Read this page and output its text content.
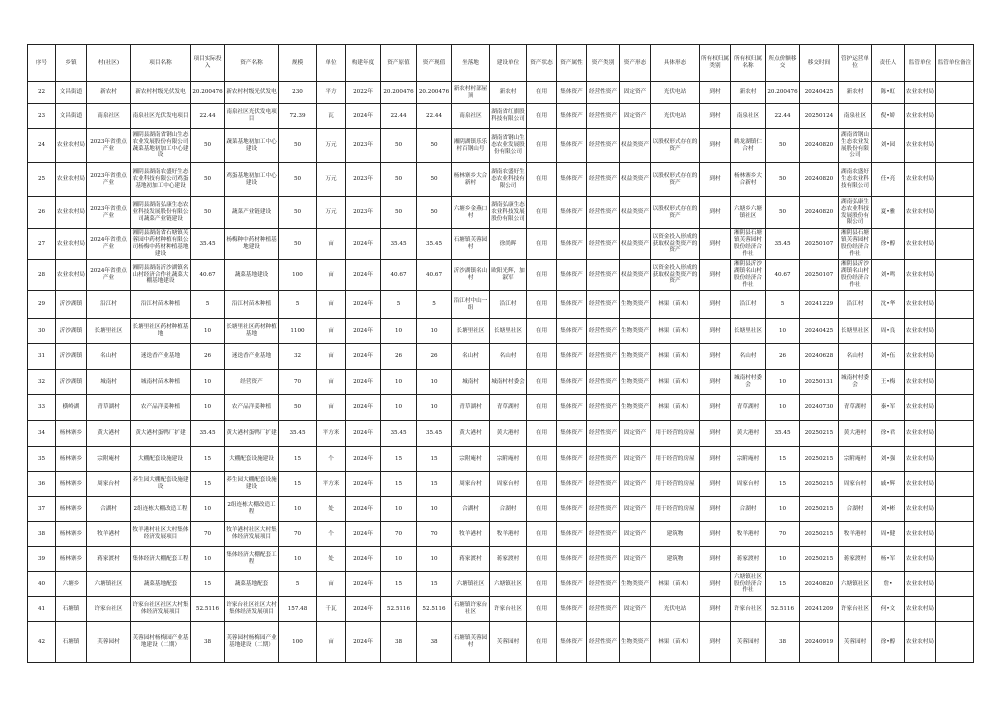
序号	乡镇	村(社区)	项目名称	项目实际投入	资产名称	规模	单位	构建年度	资产原值	资产现值	坐落地	建设单位	资产状态	资产属性	资产类别	资产形态	具体形态	所有权归属类别	所有权归属名称	所点价额移交	移交时间	管护运营单位	责任人	监管单位	监管单位备注
22	文昌街道	新农村	新农村村级光伏发电	20.200476	新农村村级光伏发电	230	平方	2022年	20.200476	20.200476	新农村村部屋顶	新农村	在用	集体资产	经营性资产	固定资产	光伏电站	到村	新农村	20.200476	20240425	新农村	陈•虹	农业农村局	
23	文昌街道	南泉社区	南泉社区光伏发电项目	22.44	南泉社区光伏发电项目	72.39	瓦	2024年	22.44	22.44	南泉社区	湖南省红旗股科技有限公司	在用	集体资产	经营性资产	固定资产	光伏电站	到村	南泉社区	22.44	20250124	南泉社区	倪•娇	农业农村局	
24	农业农村局	2023年省重点产业	湘阴县湖南省钢山生态农业发展股份有限公司蔬菜基地初加工中心建设	50	蔬菜基地初加工中心建设	50	万元	2023年	50	50	湘阴湖镇乐乐村百钢山号	湖南省钢山生态农业发展股份有限公司	在用	集体资产	经营性资产	权益类资产	以股权形式存在的资产	到村	鹤龙湖镇仁合村	50	20240820	湖南省钢山生态农业发展股份有限公司	刘•园	农业农村局	
25	农业农村局	2023年省重点产业	湘阴县湖南农盛好生态农业科技有限公司鸡蛋基地初加工中心建设	50	鸡蛋基地初加工中心建设	50	万元	2023年	50	50	杨林寨乡大合新村	湖南农盛好生态农业科技有限公司	在用	集体资产	经营性资产	权益类资产	以股权形式存在的资产	到村	杨林寨乡大合新村	50	20240820	湖南农盛好生态农业科技有限公司	任•亮	农业农村局	
26	农业农村局	2023年省重点产业	湘阴县湖南弘康生态农业科技发展股份有限公司蔬菜产业链建设	50	蔬菜产业链建设	50	万元	2023年	50	50	六塘乡金燕口村	湖南弘康生态农业科技发展股份有限公司	在用	集体资产	经营性资产	权益类资产	以股权形式存在的资产	到村	六塘乡六塘镇社区	50	20240820	湖南弘康生态农业科技发展股份有限公司	夏•雅	农业农村局	
27	农业农村局	2024年省重点产业	湘阴县湖南省石塘镇芙蓉园中药材种植有限公司杨梅中药材种植基地建设	35.45	杨梅种中药材种植基地建设	50	亩	2024年	35.45	35.45	石塘镇芙蓉园村	徐尚晖	在用	集体资产	经营性资产	权益类资产	以资金投入形成的获取权益类资产的资产	到村	湘阴县石塘镇芙蓉园村股份经济合作社	35.45	20250107	湘阴县石塘镇芙蓉园村股份经济合作社	徐•醇	农业农村局	
28	农业农村局	2024年省重点产业	湘阴县湖南沂沙湖镇名山村经济合作社蔬菜大棚基地建设	40.67	蔬菜基地建设	100	亩	2024年	40.67	40.67	沂沙湖镇名山村	欧阳光辉，加淑军	在用	集体资产	经营性资产	权益类资产	以资金投入形成的获取权益类资产的资产	到村	湘阴县沂沙湖镇名山村股份经济合作社	40.67	20250107	湘阴县沂沙湖镇名山村股份经济合作社	刘•鸣	农业农村局	
29	沂沙湖镇	沿江村	沿江村苗木种植	5	沿江村苗木种植	5	亩	2024年	5	5	沿江村中山一组	沿江村	在用	集体资产	经营性资产	生物类资产	林果（苗木）	到村	沿江村	5	20241229	沿江村	沈•华	农业农村局	
30	沂沙湖镇	长塘里社区	长塘里社区药材种植基地	10	长塘里社区药材种植基地	1100	亩	2024年	10	10	长塘里社区	长塘里社区	在用	集体资产	经营性资产	生物类资产	林果（苗木）	到村	长塘里社区	10	20240425	长塘里社区	周•良	农业农村局	
31	沂沙湖镇	名山村	迷迭香产业基地	26	迷迭香产业基地	32	亩	2024年	26	26	名山村	名山村	在用	集体资产	经营性资产	生物类资产	林果（苗木）	到村	名山村	26	20240628	名山村	刘•伍	农业农村局	
32	沂沙湖镇	城南村	城南村苗木种植	10	经营资产	70	亩	2024年	10	10	城南村	城南村村委会	在用	集体资产	经营性资产	生物类资产	林果（苗木）	到村	城南村村委会	10	20250131	城南村村委会	王•梅	农业农村局	
33	横岭湖	青草湖村	农产品洋姜种植	10	农产品洋姜种植	50	亩	2024年	10	10	青草湖村	青草湖村	在用	集体资产	经营性资产	生物类资产	林果（苗木）	到村	青草湖村	10	20240730	青草湖村	秦•军	农业农村局	
34	杨林寨乡	黄大港村	黄大港村蛋鸭厂扩建	35.45	黄大港村蛋鸭厂扩建	35.45	平方米	2024年	35.45	35.45	黄大港村	黄大港村	在用	集体资产	经营性资产	固定资产	用于经营的房屋	到村	黄大港村	35.45	20250215	黄大港村	徐•君	农业农村局	
35	杨林寨乡	宗附庵村	大棚配套设施建设	15	大棚配套设施建设	15	个	2024年	15	15	宗附庵村	宗附庵村	在用	集体资产	经营性资产	固定资产	用于经营的房屋	到村	宗附庵村	15	20250215	宗附庵村	刘•强	农业农村局	
36	杨林寨乡	周家台村	养生园大棚配套设施建设	15	养生园大棚配套设施建设	15	平方米	2024年	15	15	周家台村	周家台村	在用	集体资产	经营性资产	固定资产	用于经营的房屋	到村	周家台村	15	20250215	周家台村	戚•辉	农业农村局	
37	杨林寨乡	合湖村	2组连栋大棚改造工程	10	2组连栋大棚改造工程	10	处	2024年	10	10	合湖村	合湖村	在用	集体资产	经营性资产	固定资产	用于经营的房屋	到村	合湖村	10	20250215	合湖村	刘•彬	农业农村局	
38	杨林寨乡	牧羊港村	牧羊港村社区大村集体经济发展项目	70	牧羊港村社区大村集体经济发展项目	70	个	2024年	70	70	牧羊港村	牧羊港村	在用	集体资产	经营性资产	固定资产	建筑物	到村	牧羊港村	70	20250215	牧羊港村	周•健	农业农村局	
39	杨林寨乡	蒋家渡村	集体经济大棚配套工程	10	集体经济大棚配套工程	10	处	2024年	10	10	蒋家渡村	蒋家渡村	在用	集体资产	经营性资产	固定资产	建筑物	到村	蒋家渡村	10	20250215	蒋家渡村	杨•军	农业农村局	
40	六塘乡	六塘镇社区	蔬菜基地配套	15	蔬菜基地配套	5	亩	2024年	15	15	六塘镇社区	六塘镇社区	在用	集体资产	经营性资产	生物类资产	林果（苗木）	到村	六塘镇社区股份经济合作社	15	20240820	六塘镇社区	詹•	农业农村局	
41	石塘镇	许家台社区	许家台社区社区大村集体经济发展项目	52.5116	许家台社区社区大村集体经济发展项目	157.48	千瓦	2024年	52.5116	52.5116	石塘镇许家台社区	许家台社区	在用	集体资产	经营性资产	固定资产	光伏电站	到村	许家台社区	52.5116	20241209	许家台社区	何•文	农业农村局	
42	石塘镇	芙蓉园村	芙蓉园村杨梅园产业基地建设（二期）	38	芙蓉园村杨梅园产业基地建设（二期）	100	亩	2024年	38	38	石塘镇芙蓉园村	芙蓉园村	在用	集体资产	经营性资产	生物类资产	林果（苗木）	到村	芙蓉园村	38	20240919	芙蓉园村	徐•醇	农业农村局	
